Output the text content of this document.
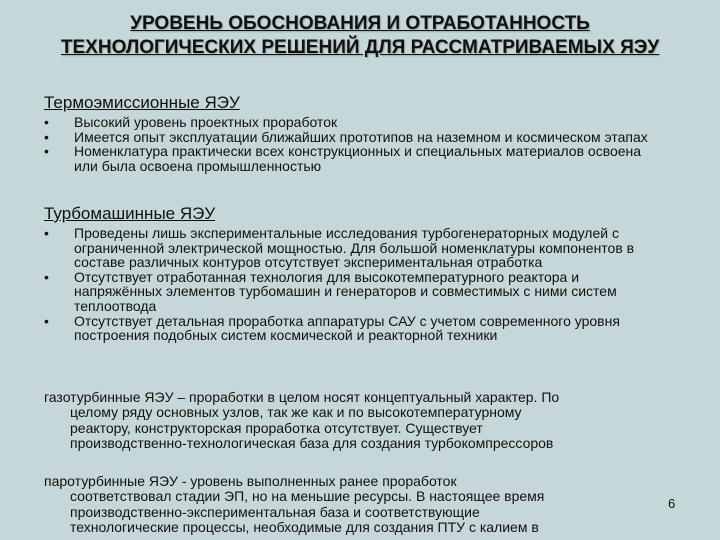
УРОВЕНЬ ОБОСНОВАНИЯ И ОТРАБОТАННОСТЬ
ТЕХНОЛОГИЧЕСКИХ РЕШЕНИЙ ДЛЯ РАССМАТРИВАЕМЫХ ЯЭУ
Термоэмиссионные ЯЭУ
• Высокий уровень проектных проработок
• Имеется опыт эксплуатации ближайших прототипов на наземном и космическом этапах
• Номенклатура практически всех конструкционных и специальных материалов освоена или была освоена промышленностью
Турбомашинные ЯЭУ
• Проведены лишь экспериментальные исследования турбогенераторных модулей с ограниченной электрической мощностью. Для большой номенклатуры компонентов в составе различных контуров отсутствует экспериментальная отработка
• Отсутствует отработанная технология для высокотемпературного реактора и напряжённых элементов турбомашин и генераторов и совместимых с ними систем теплоотвода
• Отсутствует детальная проработка аппаратуры САУ с учетом современного уровня построения подобных систем космической и реакторной техники
газотурбинные ЯЭУ – проработки в целом носят концептуальный характер. По
целому ряду основных узлов, так же как и по высокотемпературному
реактору, конструкторская проработка отсутствует. Существует
производственно-технологическая база для создания турбокомпрессоров
паротурбинные ЯЭУ - уровень выполненных ранее проработок
соответствовал стадии ЭП, но на меньшие ресурсы. В настоящее время
производственно-экспериментальная база и соответствующие
технологические процессы, необходимые для создания ПТУ с калием в
6
